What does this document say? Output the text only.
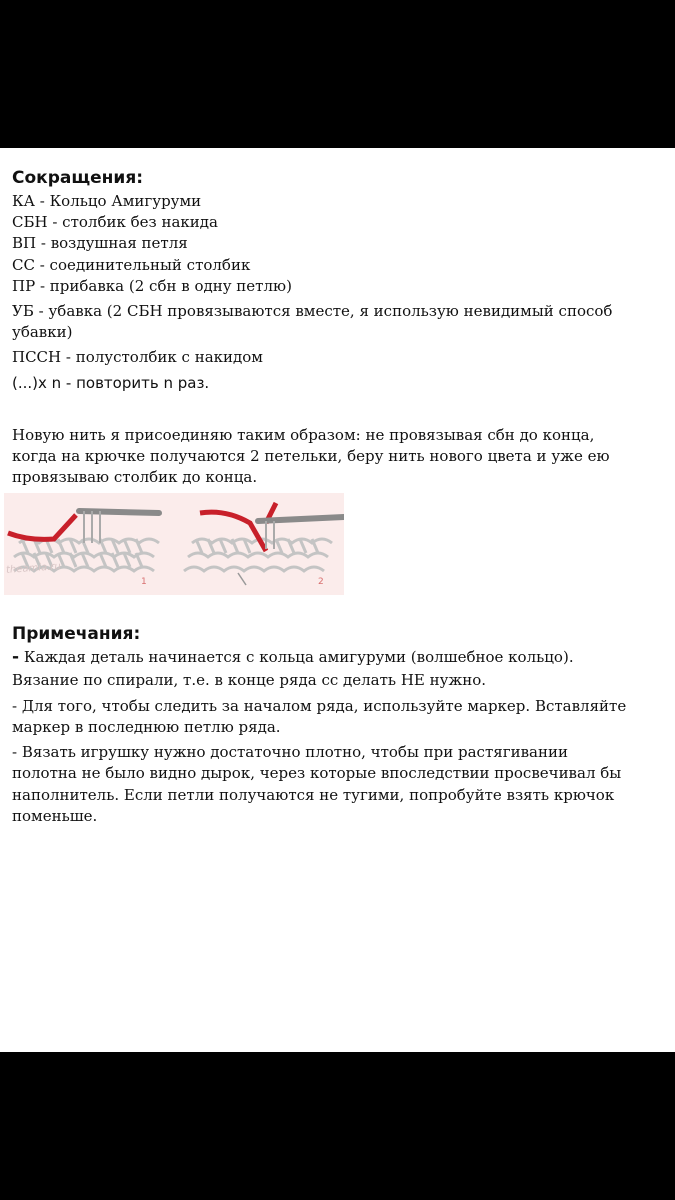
Сокращения:
КА - Кольцо Амигуруми
СБН - столбик без накида
ВП - воздушная петля
СС - соединительный столбик
ПР - прибавка (2 сбн в одну петлю)
УБ - убавка (2 СБН провязываются вместе, я использую невидимый способ
убавки)
ПССН - полустолбик с накидом
(...)x n - повторить n раз.
Новую нить я присоединяю таким образом: не провязывая сбн до конца,
когда на крючке получаются 2 петельки, беру нить нового цвета и уже ею
провязываю столбик до конца.
theamia.ru
1	2
Примечания:
- Каждая деталь начинается с кольца амигуруми (волшебное кольцо).
Вязание по спирали, т.е. в конце ряда сс делать НЕ нужно.
- Для того, чтобы следить за началом ряда, используйте маркер. Вставляйте
маркер в последнюю петлю ряда.
- Вязать игрушку нужно достаточно плотно, чтобы при растягивании
полотна не было видно дырок, через которые впоследствии просвечивал бы
наполнитель. Если петли получаются не тугими, попробуйте взять крючок
поменьше.
